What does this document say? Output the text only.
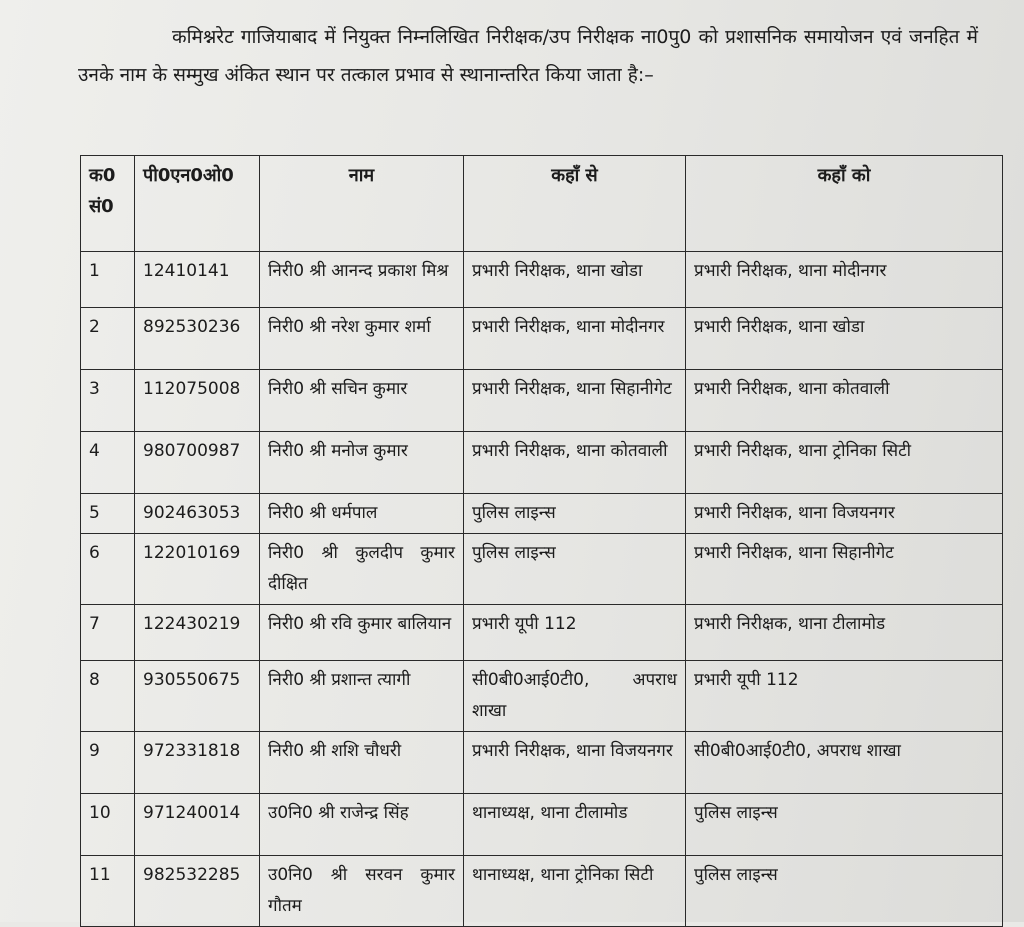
कमिश्नरेट गाजियाबाद में नियुक्त निम्नलिखित निरीक्षक/उप निरीक्षक ना0पु0 को प्रशासनिक समायोजन एवं जनहित में उनके नाम के सम्मुख अंकित स्थान पर तत्काल प्रभाव से स्थानान्तरित किया जाता है:–

क0 सं0	पी0एन0ओ0	नाम	कहाँ से	कहाँ को
1	12410141	निरी0 श्री आनन्द प्रकाश मिश्र	प्रभारी निरीक्षक, थाना खोडा	प्रभारी निरीक्षक, थाना मोदीनगर
2	892530236	निरी0 श्री नरेश कुमार शर्मा	प्रभारी निरीक्षक, थाना मोदीनगर	प्रभारी निरीक्षक, थाना खोडा
3	112075008	निरी0 श्री सचिन कुमार	प्रभारी निरीक्षक, थाना सिहानीगेट	प्रभारी निरीक्षक, थाना कोतवाली
4	980700987	निरी0 श्री मनोज कुमार	प्रभारी निरीक्षक, थाना कोतवाली	प्रभारी निरीक्षक, थाना ट्रोनिका सिटी
5	902463053	निरी0 श्री धर्मपाल	पुलिस लाइन्स	प्रभारी निरीक्षक, थाना विजयनगर
6	122010169	निरी0 श्री कुलदीप कुमार दीक्षित	पुलिस लाइन्स	प्रभारी निरीक्षक, थाना सिहानीगेट
7	122430219	निरी0 श्री रवि कुमार बालियान	प्रभारी यूपी 112	प्रभारी निरीक्षक, थाना टीलामोड
8	930550675	निरी0 श्री प्रशान्त त्यागी	सी0बी0आई0टी0, अपराध शाखा	प्रभारी यूपी 112
9	972331818	निरी0 श्री शशि चौधरी	प्रभारी निरीक्षक, थाना विजयनगर	सी0बी0आई0टी0, अपराध शाखा
10	971240014	उ0नि0 श्री राजेन्द्र सिंह	थानाध्यक्ष, थाना टीलामोड	पुलिस लाइन्स
11	982532285	उ0नि0 श्री सरवन कुमार गौतम	थानाध्यक्ष, थाना ट्रोनिका सिटी	पुलिस लाइन्स
